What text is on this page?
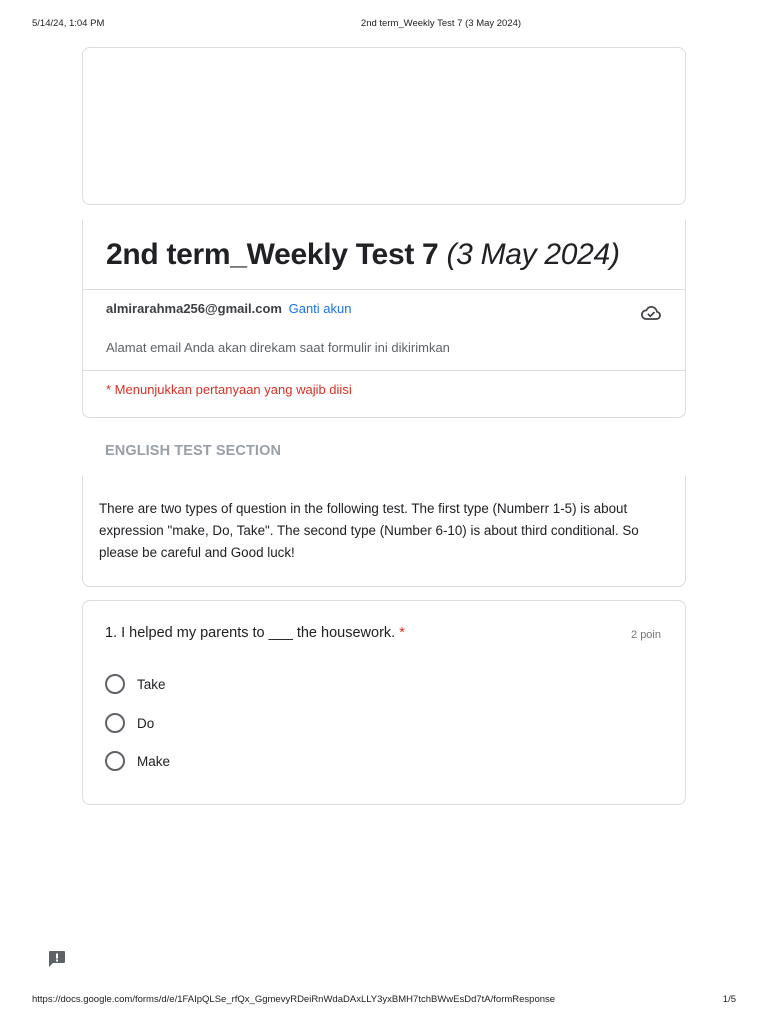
5/14/24, 1:04 PM	2nd term_Weekly Test 7 (3 May 2024)
2nd term_Weekly Test 7 (3 May 2024)
almirarahma256@gmail.com Ganti akun
Alamat email Anda akan direkam saat formulir ini dikirimkan
* Menunjukkan pertanyaan yang wajib diisi
ENGLISH TEST SECTION
There are two types of question in the following test. The first type (Numberr 1-5) is about expression "make, Do, Take". The second type (Number 6-10) is about third conditional. So please be careful and Good luck!
1. I helped my parents to ___ the housework. *	2 poin
Take
Do
Make
https://docs.google.com/forms/d/e/1FAIpQLSe_rfQx_GgmevyRDeiRnWdaDAxLLY3yxBMH7tchBWwEsDd7tA/formResponse	1/5
